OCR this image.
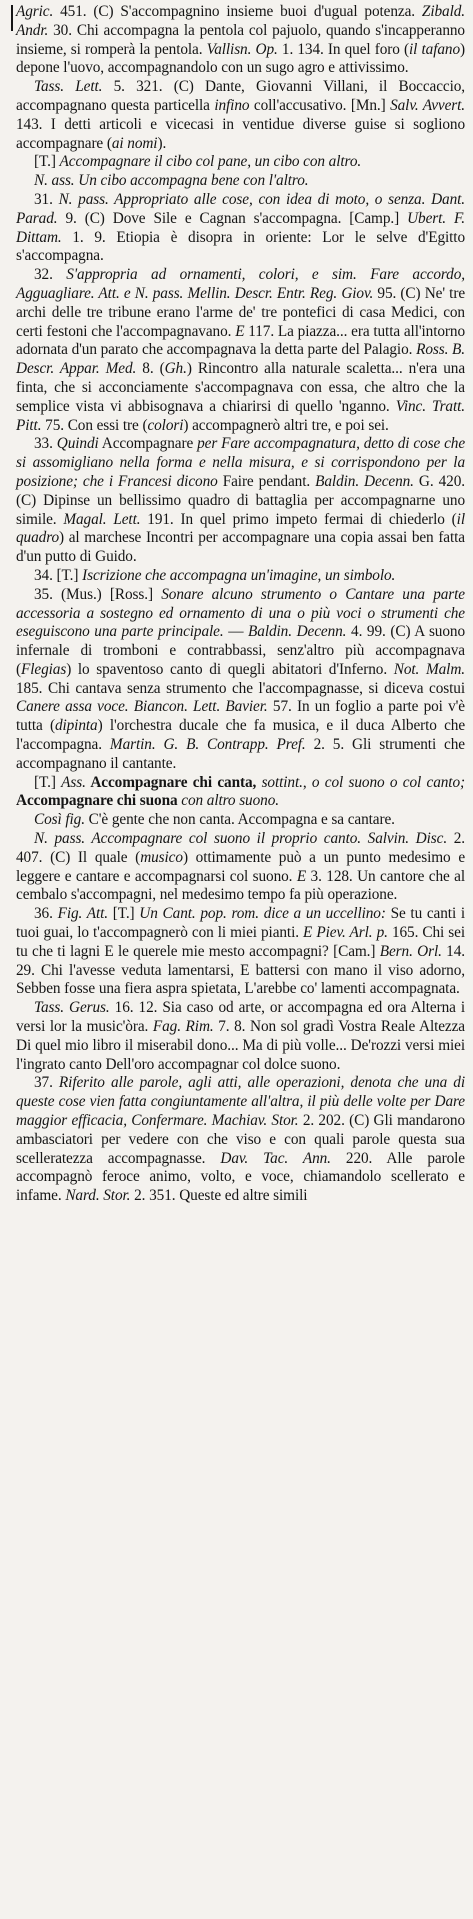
Agric. 451. (C) S'accompagnino insieme buoi d'ugual potenza. Zibald. Andr. 30. Chi accompagna la pentola col pajuolo, quando s'incapperanno insieme, si romperà la pentola. Vallisn. Op. 1. 134. In quel foro (il tafano) depone l'uovo, accompagnandolo con un sugo agro e attivissimo.

Tass. Lett. 5. 321. (C) Dante, Giovanni Villani, il Boccaccio, accompagnano questa particella infino coll'accusativo. [Mn.] Salv. Avvert. 143. I detti articoli e vicecasi in ventidue diverse guise si sogliono accompagnare (ai nomi).

[T.] Accompagnare il cibo col pane, un cibo con altro.

N. ass. Un cibo accompagna bene con l'altro.

31. N. pass. Appropriato alle cose, con idea di moto, o senza. Dant. Parad. 9. (C) Dove Sile e Cagnan s'accompagna. [Camp.] Ubert. F. Dittam. 1. 9. Etiopia è disopra in oriente: Lor le selve d'Egitto s'accompagna.

32. S'appropria ad ornamenti, colori, e sim. Fare accordo, Agguagliare. Att. e N. pass. Mellin. Descr. Entr. Reg. Giov. 95. (C) Ne' tre archi delle tre tribune erano l'arme de' tre pontefici di casa Medici, con certi festoni che l'accompagnavano. E 117. La piazza... era tutta all'intorno adornata d'un parato che accompagnava la detta parte del Palagio. Ross. B. Descr. Appar. Med. 8. (Gh.) Rincontro alla naturale scaletta... n'era una finta, che si acconciamente s'accompagnava con essa, che altro che la semplice vista vi abbisognava a chiarirsi di quello 'nganno. Vinc. Tratt. Pitt. 75. Con essi tre (colori) accompagnerò altri tre, e poi sei.

33. Quindi Accompagnare per Fare accompagnatura, detto di cose che si assomigliano nella forma e nella misura, e si corrispondono per la posizione; che i Francesi dicono Faire pendant. Baldin. Decenn. G. 420. (C) Dipinse un bellissimo quadro di battaglia per accompagnarne uno simile. Magal. Lett. 191. In quel primo impeto fermai di chiederlo (il quadro) al marchese Incontri per accompagnare una copia assai ben fatta d'un putto di Guido.

34. [T.] Iscrizione che accompagna un'imagine, un simbolo.

35. (Mus.) [Ross.] Sonare alcuno strumento o Cantare una parte accessoria a sostegno ed ornamento di una o più voci o strumenti che eseguiscono una parte principale. — Baldin. Decenn. 4. 99. (C) A suono infernale di tromboni e contrabbassi, senz'altro più accompagnava (Flegias) lo spaventoso canto di quegli abitatori d'Inferno. Not. Malm. 185. Chi cantava senza strumento che l'accompagnasse, si diceva costui Canere assa voce. Biancon. Lett. Bavier. 57. In un foglio a parte poi v'è tutta (dipinta) l'orchestra ducale che fa musica, e il duca Alberto che l'accompagna. Martin. G. B. Contrapp. Pref. 2. 5. Gli strumenti che accompagnano il cantante.

[T.] Ass. Accompagnare chi canta, sottint., o col suono o col canto; Accompagnare chi suona con altro suono.

Così fig. C'è gente che non canta. Accompagna e sa cantare.

N. pass. Accompagnare col suono il proprio canto. Salvin. Disc. 2. 407. (C) Il quale (musico) ottimamente può a un punto medesimo e leggere e cantare e accompagnarsi col suono. E 3. 128. Un cantore che al cembalo s'accompagni, nel medesimo tempo fa più operazione.

36. Fig. Att. [T.] Un Cant. pop. rom. dice a un uccellino: Se tu canti i tuoi guai, lo t'accompagnerò con li miei pianti. E Piev. Arl. p. 165. Chi sei tu che ti lagni E le querele mie mesto accompagni? [Cam.] Bern. Orl. 14. 29. Chi l'avesse veduta lamentarsi, E battersi con mano il viso adorno, Sebben fosse una fiera aspra spietata, L'arebbe co' lamenti accompagnata.

Tass. Gerus. 16. 12. Sia caso od arte, or accompagna ed ora Alterna i versi lor la music'òra. Fag. Rim. 7. 8. Non sol gradì Vostra Reale Altezza Di quel mio libro il miserabil dono... Ma di più volle... De'rozzi versi miei l'ingrato canto Dell'oro accompagnar col dolce suono.

37. Riferito alle parole, agli atti, alle operazioni, denota che una di queste cose vien fatta congiuntamente all'altra, il più delle volte per Dare maggior efficacia, Confermare. Machiav. Stor. 2. 202. (C) Gli mandarono ambasciatori per vedere con che viso e con quali parole questa sua scelleratezza accompagnasse. Dav. Tac. Ann. 220. Alle parole accompagnò feroce animo, volto, e voce, chiamandolo scellerato e infame. Nard. Stor. 2. 351. Queste ed altre simili
